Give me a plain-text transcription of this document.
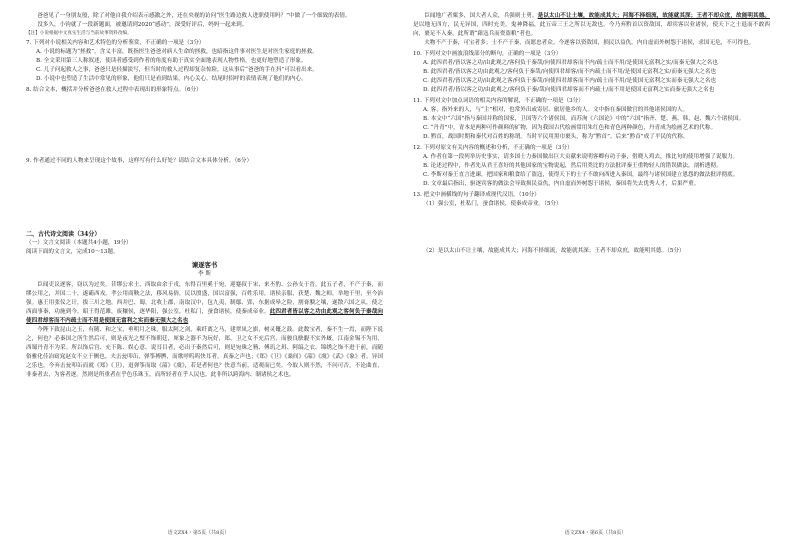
爸爸见了一身朋友般，除了对他自我介绍表示感激之外，还在央视的访问“医生路边救人进职使用吗？”中做了一个细致的表情。

没多久，小钧就了一段新题面，被邀请到2020“感动”，深受好评后，妈妈一起来到。

【注】小说根据中文真实生活与当前故事资料改编。

7. 下列对小说相关内容和艺术特色的分析鉴赏，不正确的一项是（3分）

A. 小说的标题为“拯救”，含义丰富，既指医生爸爸对病人生命的拯救，也暗指这件事对医生是对医生家庭的拯救。

B. 全文采用第三人称叙述，使读者感受到作者的角度有助于真实全面地表现人物性格，也更好地塑造了形象。

C. 儿子问起救人之事，爸爸只是轻描淡写，但当时的救人过程却复杂惊险，这从事后“爸爸的手在抖”可以看出来。

D. 小说中也塑造了生活中常见的形象，他们只是看到结果，内心关心，结尾时招呼的表情表现了他们的内心。

8. 结合文本，概括并分析爸爸在救人过程中表现出的形象特点。（6分）

9. 作者通过不同的人物来呈现这个故事，这样写有什么好处？请结合文本具体分析。（6分）

二、古代诗文阅读（34分）

（一）文言文阅读（本题共4小题，19分）

阅读下面的文言文，完成10～13题。

谏逐客书

李 斯

臣闻吏议逐客，窃以为过矣。昔缪公求士，西取由余于戎，东得百里奚于宛，迎蹇叔于宋，来丕豹、公孙支于晋。此五子者，不产于秦，而缪公用之，并国二十，遂霸西戎。孝公用商鞅之法，移风易俗，民以殷盛，国以富强，百姓乐用，诸侯亲服，获楚、魏之师，举地千里，至今治强。惠王用张仪之计，拔三川之地，西并巴、蜀，北收上郡，南取汉中，包九夷，制鄢、郢，东据成皋之险，割膏腴之壤，遂散六国之从，使之西面事秦，功施到今。昭王得范雎，废穰侯，逐华阳，强公室，杜私门，蚕食诸侯，使秦成帝业。此四君者皆以客之功由此观之客何负于秦哉向使四君却客而不内疏士而不用是使国无富利之实而秦无强大之名也

今陛下致昆山之玉，有随、和之宝，垂明月之珠，服太阿之剑，乘纤离之马，建翠凤之旗，树灵鼍之鼓。此数宝者，秦不生一焉，而陛下说之，何也？必秦国之所生然后可，则是夜光之璧不饰朝廷，犀象之器不为玩好，郑、卫之女不充后宫，而骏良駃騠不实外厩，江南金锡不为用，西蜀丹青不为采。所以饰后宫、充下陈、娱心意、说耳目者，必出于秦然后可，则是宛珠之簪、傅玑之珥、阿缟之衣、锦绣之饰不进于前，而随俗雅化佳冶窈窕赵女不立于侧也。夫击瓮叩缶，弹筝搏髀，而歌呼呜呜快耳者，真秦之声也；《郑》《卫》《桑间》《韶》《虞》《武》《象》者，异国之乐也。今弃击瓮叩缶而就《郑》《卫》，退弹筝而取《韶》《虞》，若是者何也？快意当前，适观而已矣。今取人则不然，不问可否，不论曲直，非秦者去，为客者逐。然则是所重者在乎色乐珠玉，而所轻者在乎人民也。此非所以跨海内、制诸侯之术也。

语文ZX4・第5页（共8页）

臣闻地广者粟多，国大者人众，兵强则士勇。是以太山不让土壤，故能成其大；河海不择细流，故能就其深；王者不却众庶，故能明其德。是以地无四方，民无异国，四时充美，鬼神降福，此五帝三王之所以无敌也。今乃弃黔首以资敌国，却宾客以业诸侯，使天下之士退而不敢西向，裹足不入秦，此所谓“藉寇兵而赍盗粮”者也。

夫物不产于秦，可宝者多；士不产于秦，而愿忠者众。今逐客以资敌国，损民以益仇，内自虚而外树怨于诸侯，求国无危，不可得也。

10. 下列对文中画波浪线部分的断句，正确的一项是（3分）

A. 此四君者/皆以客之功/由此观之/客何负于秦哉/向使四君却客而不内/疏士而不用/是使国无富利之实/而秦无强大之名也

B. 此四君者/皆以客之功由此观之/客何负于秦哉/向使四君却客/而不内疏士而不用/是使国无富利之实/而秦无强大之名也

C. 此四君者/皆以客之功/由此观之客/何负于秦哉/向使四君却客而不内/疏士而不用/是使国无富利之实而秦无强大之名也

D. 此四君者/皆以客之功/由此观之/客何负于秦/哉向使四君却客而不内疏士/而不用是使国无富利之实而秦无强大之名也

11. 下列对文中加点词语的相关内容的解说，不正确的一项是（3分）

A. 客，指外来的人，与“主”相对，也常外出或寄居、旅居他乡的人。文中指在秦国做官的其他诸侯国的人。

B. 本文中“六国”指与秦国并称的国家，卫国等六个诸侯国。而苏洵《六国论》中的“六国”指齐、楚、燕、韩、赵、魏六个诸侯国。

C. “丹青”中，青本是两种可作颜料的矿物，因为我国古代绘画常用朱红色和青色两种颜色，丹青成为绘画艺术的代称。

D. 黔首，战国时期和秦代对百姓的称谓。当时平民用黑巾裹头，称为“黔首”。后来“黔首”成了平民的代称。

12. 下列对原文有关内容的概述和分析，不正确的一项是（3分）

A. 作者在第一段列举历史事实，请多国士力秦国做出巨大贡献来说明客卿有功于秦，借晓人鸡去，推比句的使用增强了说服力。

B. 论述过程中，作者先从君王喜好的其他国家的宝物说起，然后用类比的方法批评秦王重物轻人的错误做法，剖析透彻。

C. 李斯对秦王直言进谏，把国家和粮食给了盗寇，使得天下的士子不敢向西进入秦国，最终与诸侯国建立恩怨的做法批评彻底。

D. 文章最后指出，驱逐宾客的做法会导致损民益仇，内自虚而外树怨于诸侯，秦国将失去优秀人才，后果严重。

13. 把文中画横线的句子翻译成现代汉语。（10分）

（1）强公室，杜私门，蚕食诸侯，使秦成帝业。（5分）

（2）是以太山不让土壤，故能成其大；河海不择细流，故能就其深；王者不却众庶，故能明其德。（5分）

语文ZX4・第6页（共8页）
